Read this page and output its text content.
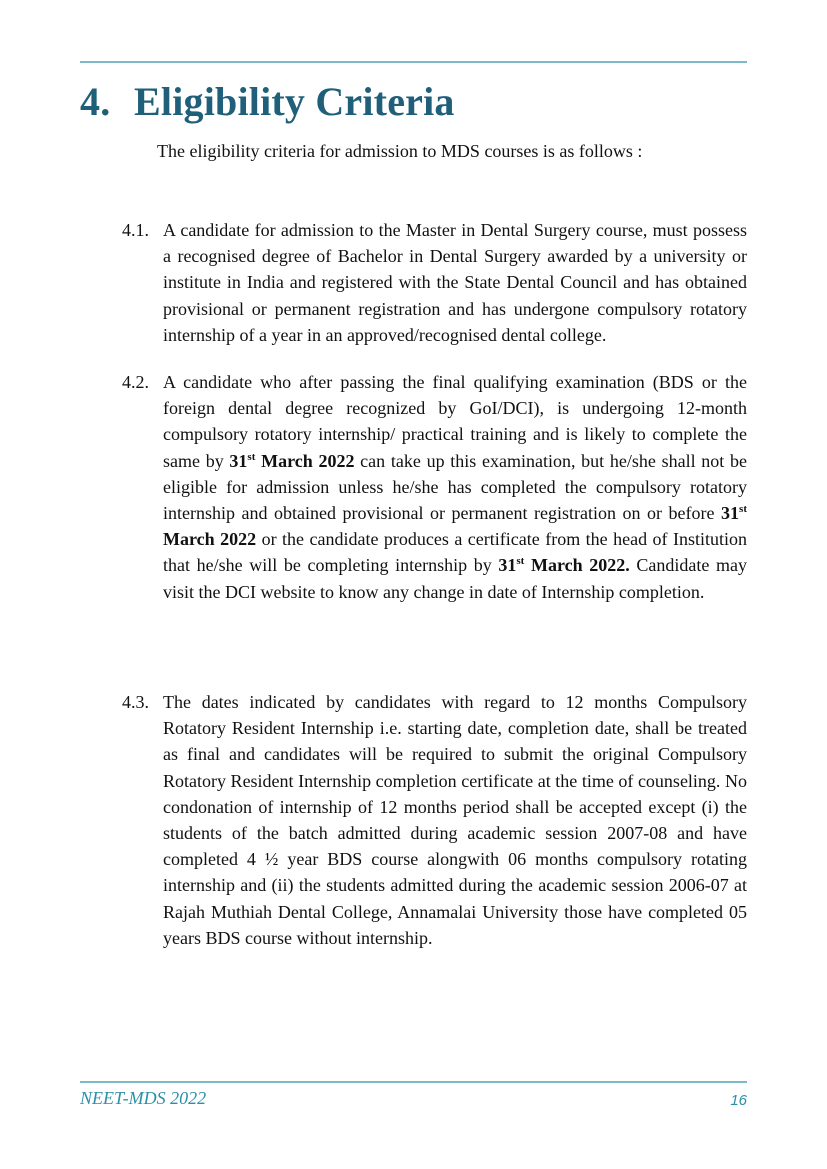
4. Eligibility Criteria
The eligibility criteria for admission to MDS courses is as follows :
4.1. A candidate for admission to the Master in Dental Surgery course, must possess a recognised degree of Bachelor in Dental Surgery awarded by a university or institute in India and registered with the State Dental Council and has obtained provisional or permanent registration and has undergone compulsory rotatory internship of a year in an approved/recognised dental college.
4.2. A candidate who after passing the final qualifying examination (BDS or the foreign dental degree recognized by GoI/DCI), is undergoing 12-month compulsory rotatory internship/ practical training and is likely to complete the same by 31st March 2022 can take up this examination, but he/she shall not be eligible for admission unless he/she has completed the compulsory rotatory internship and obtained provisional or permanent registration on or before 31st March 2022 or the candidate produces a certificate from the head of Institution that he/she will be completing internship by 31st March 2022. Candidate may visit the DCI website to know any change in date of Internship completion.
4.3. The dates indicated by candidates with regard to 12 months Compulsory Rotatory Resident Internship i.e. starting date, completion date, shall be treated as final and candidates will be required to submit the original Compulsory Rotatory Resident Internship completion certificate at the time of counseling. No condonation of internship of 12 months period shall be accepted except (i) the students of the batch admitted during academic session 2007-08 and have completed 4 ½ year BDS course alongwith 06 months compulsory rotating internship and (ii) the students admitted during the academic session 2006-07 at Rajah Muthiah Dental College, Annamalai University those have completed 05 years BDS course without internship.
NEET-MDS 2022	16
